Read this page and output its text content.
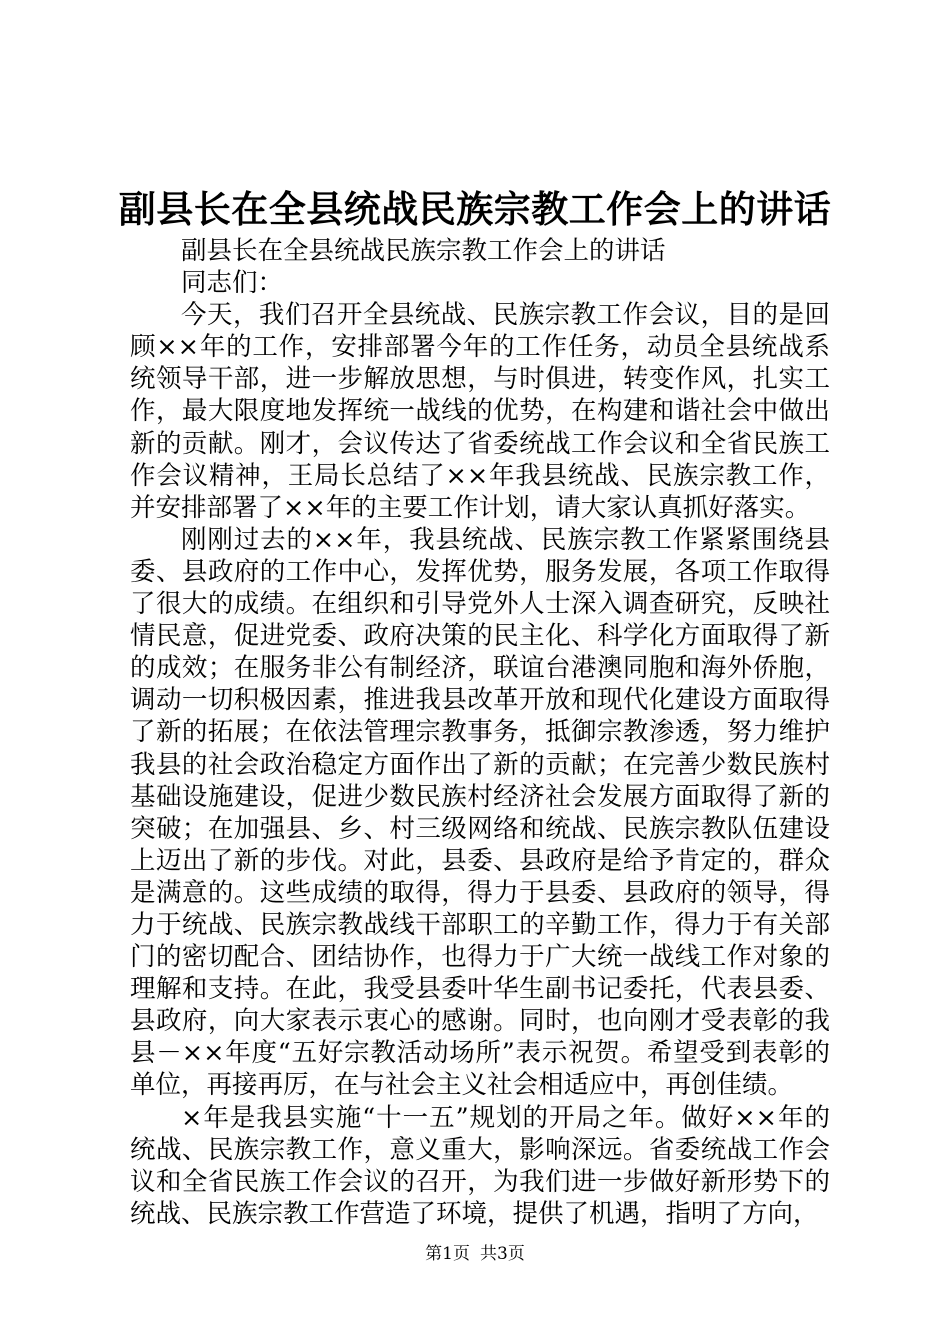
副县长在全县统战民族宗教工作会上的讲话

副县长在全县统战民族宗教工作会上的讲话

同志们：

今天，我们召开全县统战、民族宗教工作会议，目的是回顾××年的工作，安排部署今年的工作任务，动员全县统战系统领导干部，进一步解放思想，与时俱进，转变作风，扎实工作，最大限度地发挥统一战线的优势，在构建和谐社会中做出新的贡献。刚才，会议传达了省委统战工作会议和全省民族工作会议精神，王局长总结了××年我县统战、民族宗教工作，并安排部署了××年的主要工作计划，请大家认真抓好落实。

刚刚过去的××年，我县统战、民族宗教工作紧紧围绕县委、县政府的工作中心，发挥优势，服务发展，各项工作取得了很大的成绩。在组织和引导党外人士深入调查研究，反映社情民意，促进党委、政府决策的民主化、科学化方面取得了新的成效；在服务非公有制经济，联谊台港澳同胞和海外侨胞，调动一切积极因素，推进我县改革开放和现代化建设方面取得了新的拓展；在依法管理宗教事务，抵御宗教渗透，努力维护我县的社会政治稳定方面作出了新的贡献；在完善少数民族村基础设施建设，促进少数民族村经济社会发展方面取得了新的突破；在加强县、乡、村三级网络和统战、民族宗教队伍建设上迈出了新的步伐。对此，县委、县政府是给予肯定的，群众是满意的。这些成绩的取得，得力于县委、县政府的领导，得力于统战、民族宗教战线干部职工的辛勤工作，得力于有关部门的密切配合、团结协作，也得力于广大统一战线工作对象的理解和支持。在此，我受县委叶华生副书记委托，代表县委、县政府，向大家表示衷心的感谢。同时，也向刚才受表彰的我县－××年度“五好宗教活动场所”表示祝贺。希望受到表彰的单位，再接再厉，在与社会主义社会相适应中，再创佳绩。

×年是我县实施“十一五”规划的开局之年。做好××年的统战、民族宗教工作，意义重大，影响深远。省委统战工作会议和全省民族工作会议的召开，为我们进一步做好新形势下的统战、民族宗教工作营造了环境，提供了机遇，指明了方向，

第1页 共3页
